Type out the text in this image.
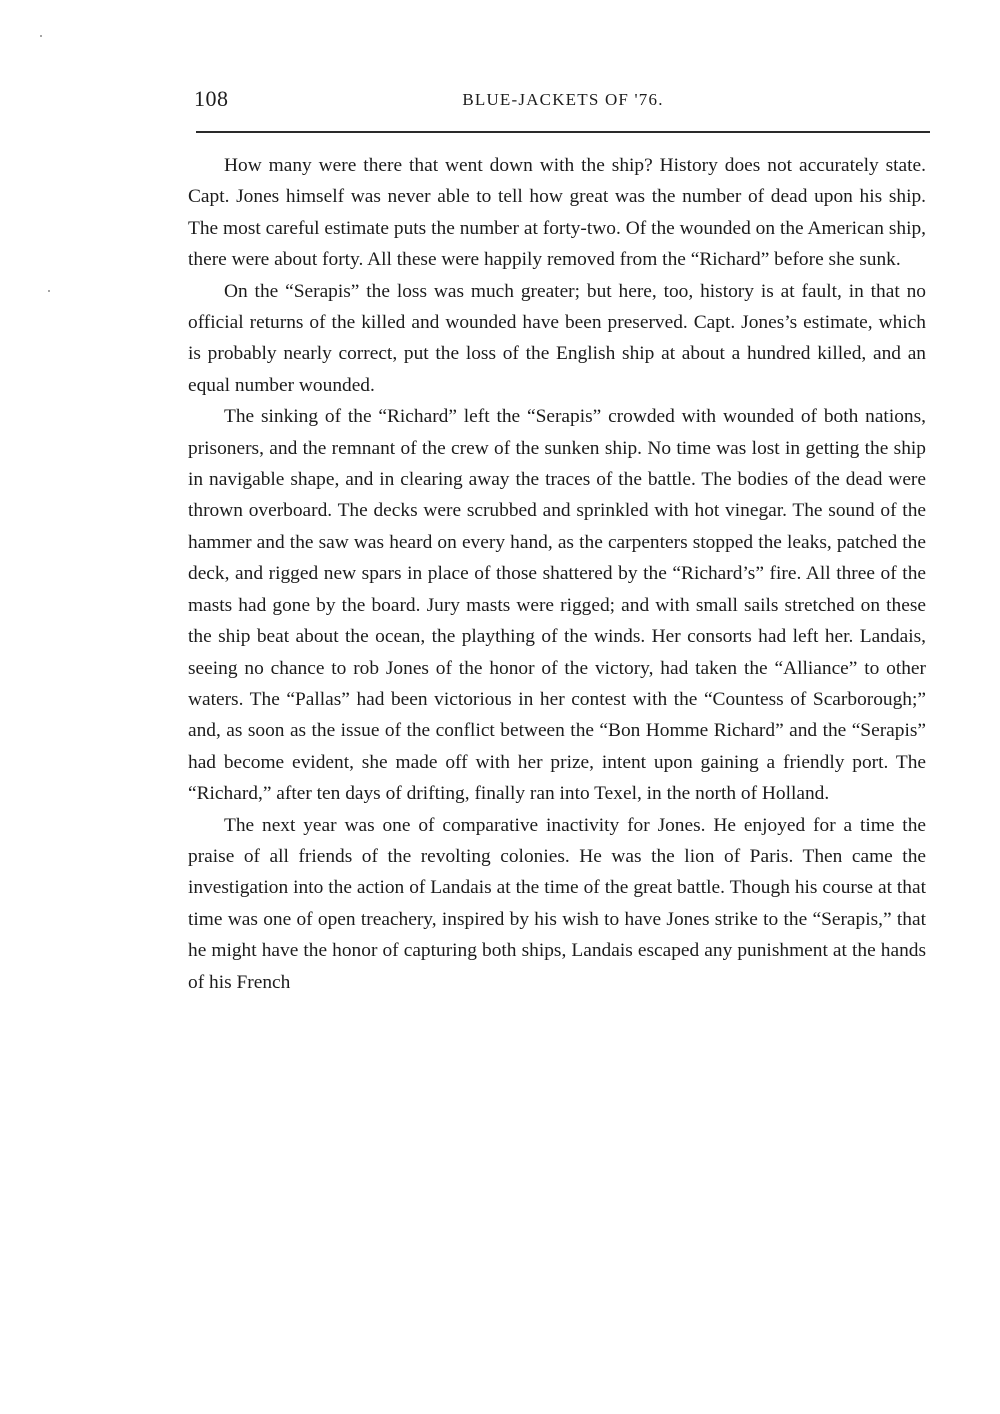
108	BLUE-JACKETS OF '76.

How many were there that went down with the ship? History does not accurately state. Capt. Jones himself was never able to tell how great was the number of dead upon his ship. The most careful estimate puts the number at forty-two. Of the wounded on the American ship, there were about forty. All these were happily removed from the “Richard” before she sunk.

On the “Serapis” the loss was much greater; but here, too, history is at fault, in that no official returns of the killed and wounded have been preserved. Capt. Jones’s estimate, which is probably nearly correct, put the loss of the English ship at about a hundred killed, and an equal number wounded.

The sinking of the “Richard” left the “Serapis” crowded with wounded of both nations, prisoners, and the remnant of the crew of the sunken ship. No time was lost in getting the ship in navigable shape, and in clearing away the traces of the battle. The bodies of the dead were thrown overboard. The decks were scrubbed and sprinkled with hot vinegar. The sound of the hammer and the saw was heard on every hand, as the carpenters stopped the leaks, patched the deck, and rigged new spars in place of those shattered by the “Richard’s” fire. All three of the masts had gone by the board. Jury masts were rigged; and with small sails stretched on these the ship beat about the ocean, the plaything of the winds. Her consorts had left her. Landais, seeing no chance to rob Jones of the honor of the victory, had taken the “Alliance” to other waters. The “Pallas” had been victorious in her contest with the “Countess of Scarborough;” and, as soon as the issue of the conflict between the “Bon Homme Richard” and the “Serapis” had become evident, she made off with her prize, intent upon gaining a friendly port. The “Richard,” after ten days of drifting, finally ran into Texel, in the north of Holland.

The next year was one of comparative inactivity for Jones. He enjoyed for a time the praise of all friends of the revolting colonies. He was the lion of Paris. Then came the investigation into the action of Landais at the time of the great battle. Though his course at that time was one of open treachery, inspired by his wish to have Jones strike to the “Serapis,” that he might have the honor of capturing both ships, Landais escaped any punishment at the hands of his French
